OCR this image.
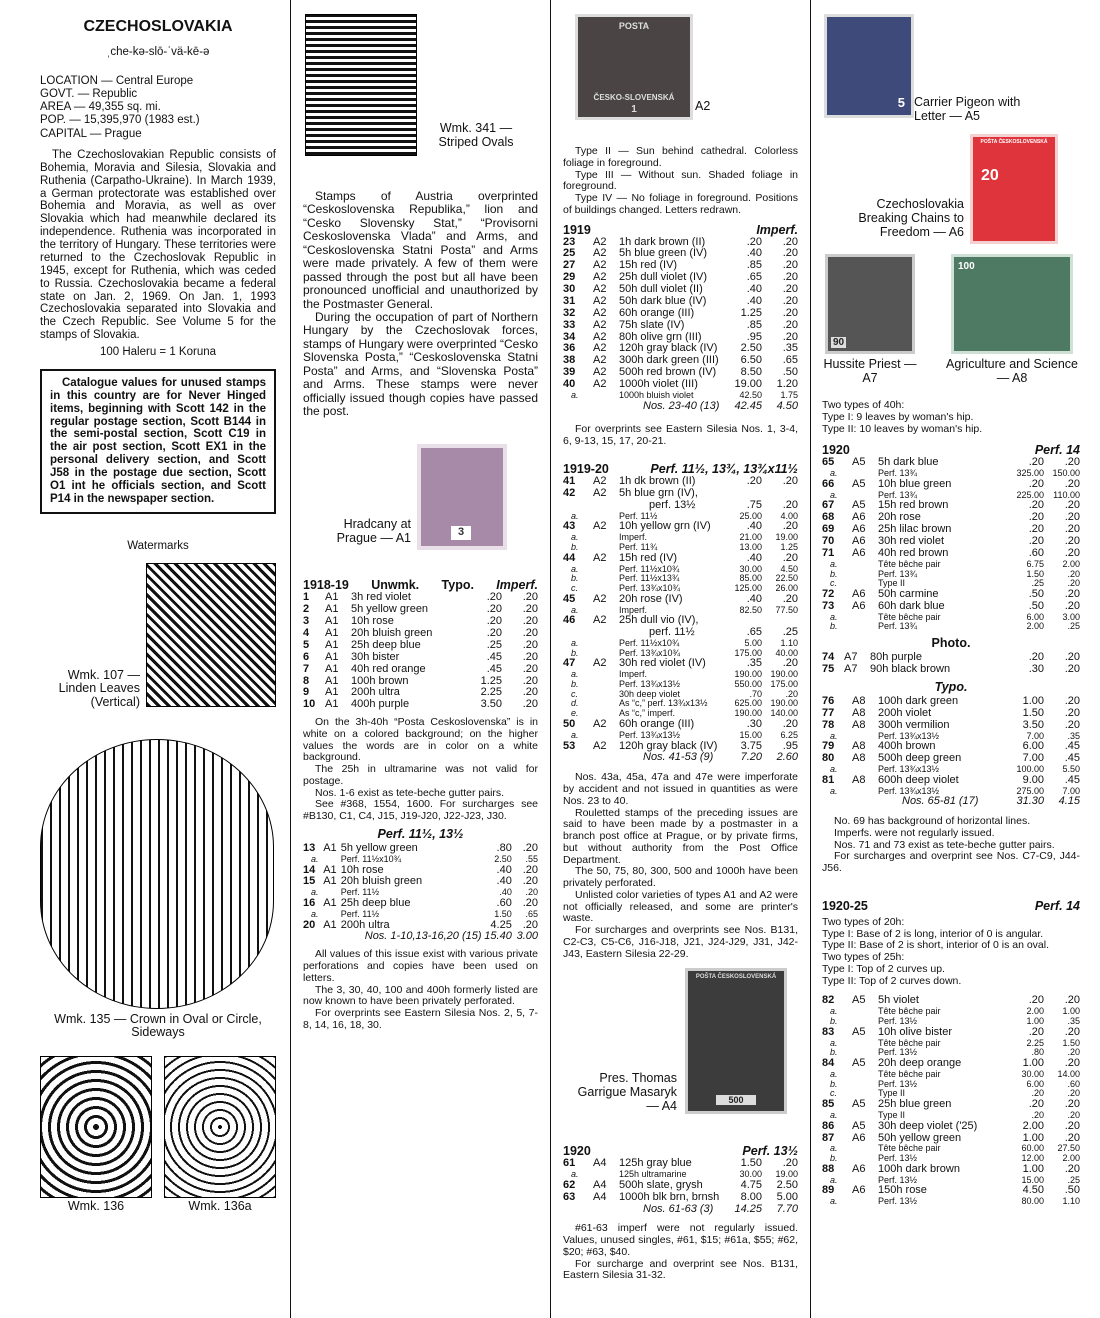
CZECHOSLOVAKIA
ˌche-kə-slō-ˈvä-kē-ə
LOCATION — Central Europe
GOVT. — Republic
AREA — 49,355 sq. mi.
POP. — 15,395,970 (1983 est.)
CAPITAL — Prague

The Czechoslovakian Republic consists of Bohemia, Moravia and Silesia, Slovakia and Ruthenia (Carpatho-Ukraine). In March 1939, a German protectorate was established over Bohemia and Moravia, as well as over Slovakia which had meanwhile declared its independence. Ruthenia was incorporated in the territory of Hungary. These territories were returned to the Czechoslovak Republic in 1945, except for Ruthenia, which was ceded to Russia. Czechoslovakia became a federal state on Jan. 2, 1969. On Jan. 1, 1993 Czechoslovakia separated into Slovakia and the Czech Republic. See Volume 5 for the stamps of Slovakia.

100 Haleru = 1 Koruna
Catalogue values for unused stamps in this country are for Never Hinged items, beginning with Scott 142 in the regular postage section, Scott B144 in the semi-postal section, Scott C19 in the air post section, Scott EX1 in the personal delivery section, and Scott J58 in the postage due section, Scott O1 int he officials section, and Scott P14 in the newspaper section.
Watermarks
Wmk. 107 — Linden Leaves (Vertical)
Wmk. 135 — Crown in Oval or Circle, Sideways
Wmk. 136	Wmk. 136a
Wmk. 341 — Striped Ovals

Stamps of Austria overprinted “Ceskoslovenska Republika,” lion and “Cesko Slovensky Stat,” “Provisorni Ceskoslovenska Vlada” and Arms, and “Ceskoslovenska Statni Posta” and Arms were made privately. A few of them were passed through the post but all have been pronounced unofficial and unauthorized by the Postmaster General.

During the occupation of part of Northern Hungary by the Czechoslovak forces, stamps of Hungary were overprinted “Cesko Slovenska Posta,” “Ceskoslovenska Statni Posta” and Arms, and “Slovenska Posta” and Arms. These stamps were never officially issued though copies have passed the post.

3
Hradcany at Prague — A1
1918-19 Unwmk. Typo. Imperf.
1	A1	3h red violet	.20	.20
2	A1	5h yellow green	.20	.20
3	A1	10h rose	.20	.20
4	A1	20h bluish green	.20	.20
5	A1	25h deep blue	.25	.20
6	A1	30h bister	.45	.20
7	A1	40h red orange	.45	.20
8	A1	100h brown	1.25	.20
9	A1	200h ultra	2.25	.20
10	A1	400h purple	3.50	.20

On the 3h-40h “Posta Ceskoslovenska” is in white on a colored background; on the higher values the words are in color on a white background.

The 25h in ultramarine was not valid for postage.

Nos. 1-6 exist as tete-beche gutter pairs.

See #368, 1554, 1600. For surcharges see #B130, C1, C4, J15, J19-J20, J22-J23, J30.

Perf. 11½, 13½
13	A1	5h yellow green	.80	.20
a.		Perf. 11½x10¾	2.50	.55
14	A1	10h rose	.40	.20
15	A1	20h bluish green	.40	.20
a.		Perf. 11½	.40	.20
16	A1	25h deep blue	.60	.20
a.		Perf. 11½	1.50	.65
20	A1	200h ultra	4.25	.20
		Nos. 1-10,13-16,20 (15)	15.40	3.00

All values of this issue exist with various private perforations and copies have been used on letters.

The 3, 30, 40, 100 and 400h formerly listed are now known to have been privately perforated.

For overprints see Eastern Silesia Nos. 2, 5, 7-8, 14, 16, 18, 30.

POSTA
ČESKO-SLOVENSKÁ
1	A2

Type II — Sun behind cathedral. Colorless foliage in foreground.

Type III — Without sun. Shaded foliage in foreground.

Type IV — No foliage in foreground. Positions of buildings changed. Letters redrawn.

1919	Imperf.
23	A2	1h dark brown (II)	.20	.20
25	A2	5h blue green (IV)	.40	.20
27	A2	15h red (IV)	.85	.20
29	A2	25h dull violet (IV)	.65	.20
30	A2	50h dull violet (II)	.40	.20
31	A2	50h dark blue (IV)	.40	.20
32	A2	60h orange (III)	1.25	.20
33	A2	75h slate (IV)	.85	.20
34	A2	80h olive grn (III)	.95	.20
36	A2	120h gray black (IV)	2.50	.35
38	A2	300h dark green (III)	6.50	.65
39	A2	500h red brown (IV)	8.50	.50
40	A2	1000h violet (III)	19.00	1.20
a.		1000h bluish violet	42.50	1.75
		Nos. 23-40 (13)	42.45	4.50

For overprints see Eastern Silesia Nos. 1, 3-4, 6, 9-13, 15, 17, 20-21.

1919-20	Perf. 11½, 13¾, 13¾x11½
41	A2	1h dk brown (II)	.20	.20
42	A2	5h blue grn (IV),		
		perf. 13½	.75	.20
a.		Perf. 11½	25.00	4.00
43	A2	10h yellow grn (IV)	.40	.20
a.		Imperf.	21.00	19.00
b.		Perf. 11¾	13.00	1.25
44	A2	15h red (IV)	.40	.20
a.		Perf. 11½x10¾	30.00	4.50
b.		Perf. 11½x13¾	85.00	22.50
c.		Perf. 13¾x10¾	125.00	26.00
45	A2	20h rose (IV)	.40	.20
a.		Imperf.	82.50	77.50
46	A2	25h dull vio (IV),		
		perf. 11½	.65	.25
a.		Perf. 11½x10¾	5.00	1.10
b.		Perf. 13¾x10¾	175.00	40.00
47	A2	30h red violet (IV)	.35	.20
a.		Imperf.	190.00	190.00
b.		Perf. 13¾x13½	550.00	175.00
c.		30h deep violet	.70	.20
d.		As “c,” perf. 13¾x13½	625.00	190.00
e.		As “c,” imperf.	190.00	140.00
50	A2	60h orange (III)	.30	.20
a.		Perf. 13¾x13½	15.00	6.25
53	A2	120h gray black (IV)	3.75	.95
		Nos. 41-53 (9)	7.20	2.60

Nos. 43a, 45a, 47a and 47e were imperforate by accident and not issued in quantities as were Nos. 23 to 40.

Rouletted stamps of the preceding issues are said to have been made by a postmaster in a branch post office at Prague, or by private firms, but without authority from the Post Office Department.

The 50, 75, 80, 300, 500 and 1000h have been privately perforated.

Unlisted color varieties of types A1 and A2 were not officially released, and some are printer's waste.

For surcharges and overprints see Nos. B131, C2-C3, C5-C6, J16-J18, J21, J24-J29, J31, J42-J43, Eastern Silesia 22-29.

POŠTA ČESKOSLOVENSKÁ
500
Pres. Thomas Garrigue Masaryk — A4
1920	Perf. 13½
61	A4	125h gray blue	1.50	.20
a.		125h ultramarine	30.00	19.00
62	A4	500h slate, grysh	4.75	2.50
63	A4	1000h blk brn, brnsh	8.00	5.00
		Nos. 61-63 (3)	14.25	7.70

#61-63 imperf were not regularly issued. Values, unused singles, #61, $15; #61a, $55; #62, $20; #63, $40.

For surcharge and overprint see Nos. B131, Eastern Silesia 31-32.

5 Carrier Pigeon with Letter — A5
POŠTA ČESKOSLOVENSKÁ
20
Czechoslovakia Breaking Chains to Freedom — A6
90
Hussite Priest — A7
100
Agriculture and Science — A8

Two types of 40h:

Type I: 9 leaves by woman's hip.

Type II: 10 leaves by woman's hip.

1920	Perf. 14
65	A5	5h dark blue	.20	.20
a.		Perf. 13¾	325.00	150.00
66	A5	10h blue green	.20	.20
a.		Perf. 13¾	225.00	110.00
67	A5	15h red brown	.20	.20
68	A6	20h rose	.20	.20
69	A6	25h lilac brown	.20	.20
70	A6	30h red violet	.20	.20
71	A6	40h red brown	.60	.20
a.		Tête bêche pair	6.75	2.00
b.		Perf. 13¾	1.50	.20
c.		Type II	.25	.20
72	A6	50h carmine	.50	.20
73	A6	60h dark blue	.50	.20
a.		Tête bêche pair	6.00	3.00
b.		Perf. 13¾	2.00	.25
Photo.
74	A7	80h purple	.20	.20
75	A7	90h black brown	.30	.20
Typo.
76	A8	100h dark green	1.00	.20
77	A8	200h violet	1.50	.20
78	A8	300h vermilion	3.50	.20
a.		Perf. 13¾x13½	7.00	.35
79	A8	400h brown	6.00	.45
80	A8	500h deep green	7.00	.45
a.		Perf. 13¾x13½	100.00	5.50
81	A8	600h deep violet	9.00	.45
a.		Perf. 13¾x13½	275.00	7.00
		Nos. 65-81 (17)	31.30	4.15

No. 69 has background of horizontal lines.

Imperfs. were not regularly issued.

Nos. 71 and 73 exist as tete-beche gutter pairs.

For surcharges and overprint see Nos. C7-C9, J44-J56.

1920-25	Perf. 14

Two types of 20h:

Type I: Base of 2 is long, interior of 0 is angular.

Type II: Base of 2 is short, interior of 0 is an oval.

Two types of 25h:

Type I: Top of 2 curves up.

Type II: Top of 2 curves down.

82	A5	5h violet	.20	.20
a.		Tête bêche pair	2.00	1.00
b.		Perf. 13½	1.00	.35
83	A5	10h olive bister	.20	.20
a.		Tête bêche pair	2.25	1.50
b.		Perf. 13½	.80	.20
84	A5	20h deep orange	1.00	.20
a.		Tête bêche pair	30.00	14.00
b.		Perf. 13½	6.00	.60
c.		Type II	.20	.20
85	A5	25h blue green	.20	.20
a.		Type II	.20	.20
86	A5	30h deep violet ('25)	2.00	.20
87	A6	50h yellow green	1.00	.20
a.		Tête bêche pair	60.00	27.50
b.		Perf. 13½	12.00	2.00
88	A6	100h dark brown	1.00	.20
a.		Perf. 13½	15.00	.25
89	A6	150h rose	4.50	.50
a.		Perf. 13½	80.00	1.10
